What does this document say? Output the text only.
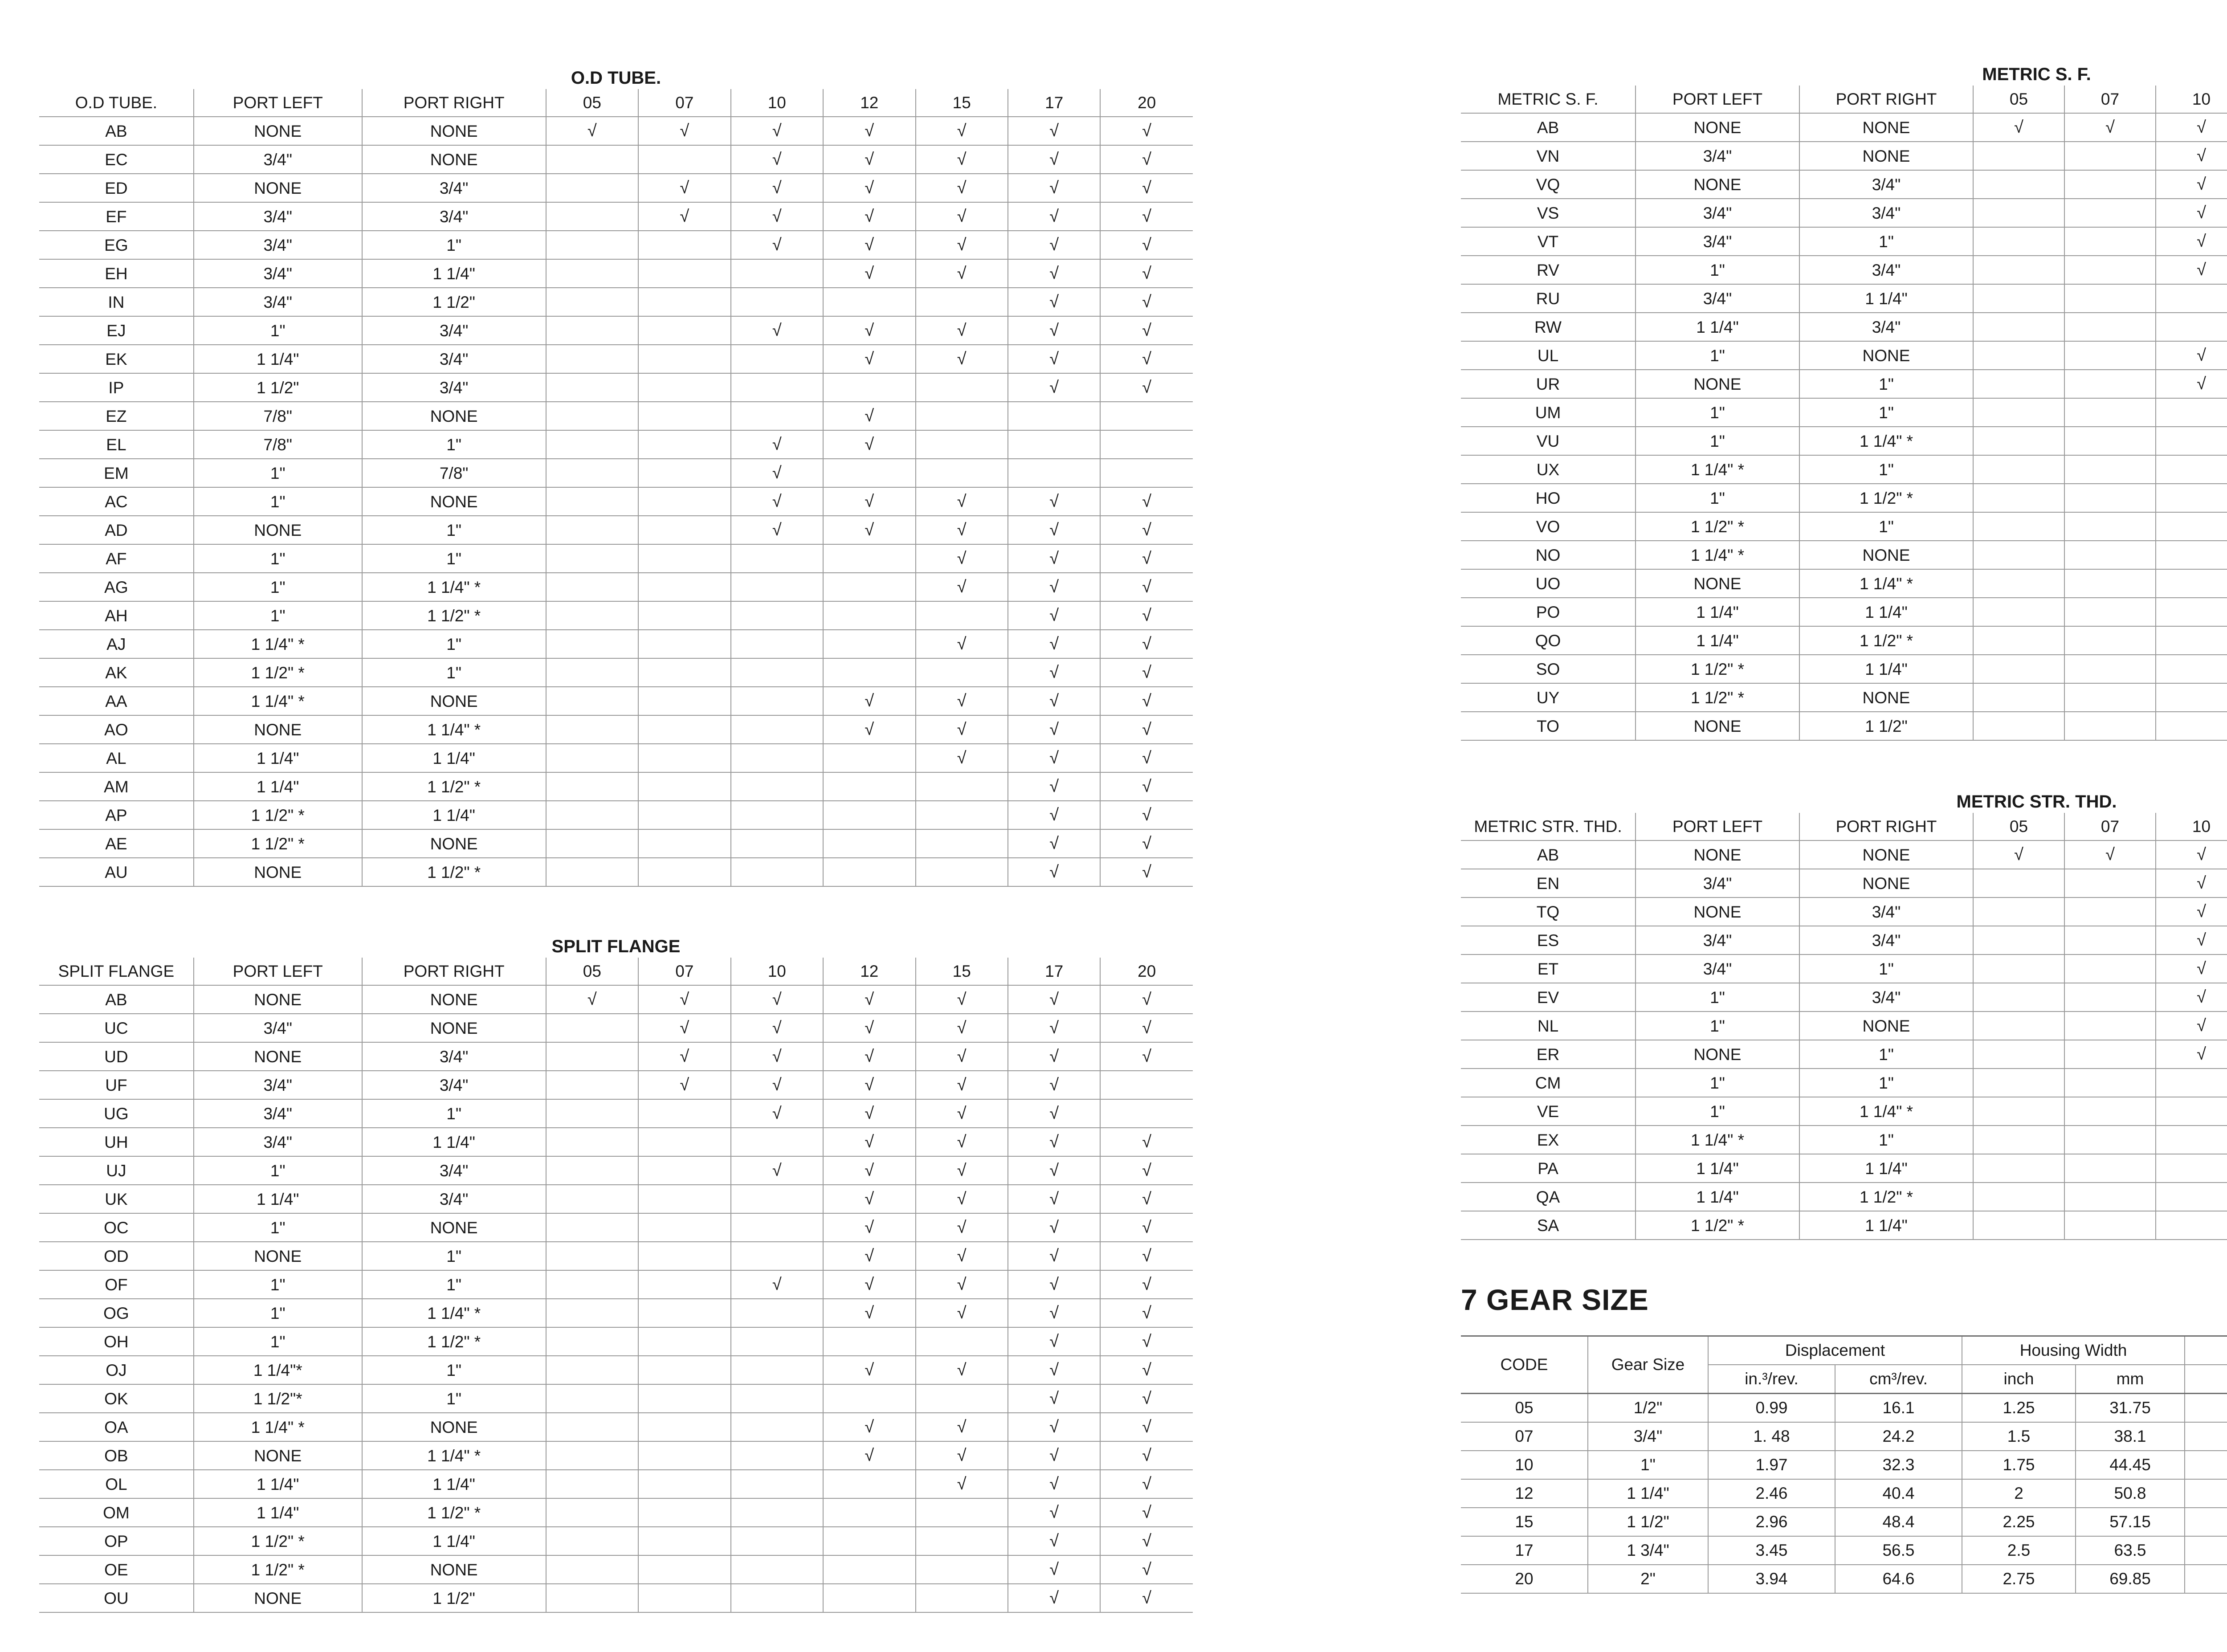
O.D TUBE.
O.D TUBE.	PORT LEFT	PORT RIGHT	05	07	10	12	15	17	20
AB	NONE	NONE	√	√	√	√	√	√	√
EC	3/4"	NONE			√	√	√	√	√
ED	NONE	3/4"		√	√	√	√	√	√
EF	3/4"	3/4"		√	√	√	√	√	√
EG	3/4"	1"			√	√	√	√	√
EH	3/4"	1 1/4"				√	√	√	√
IN	3/4"	1 1/2"						√	√
EJ	1"	3/4"			√	√	√	√	√
EK	1 1/4"	3/4"				√	√	√	√
IP	1 1/2"	3/4"						√	√
EZ	7/8"	NONE				√			
EL	7/8"	1"			√	√			
EM	1"	7/8"			√				
AC	1"	NONE			√	√	√	√	√
AD	NONE	1"			√	√	√	√	√
AF	1"	1"					√	√	√
AG	1"	1 1/4" *					√	√	√
AH	1"	1 1/2" *						√	√
AJ	1 1/4" *	1"					√	√	√
AK	1 1/2" *	1"						√	√
AA	1 1/4" *	NONE				√	√	√	√
AO	NONE	1 1/4" *				√	√	√	√
AL	1 1/4"	1 1/4"					√	√	√
AM	1 1/4"	1 1/2" *						√	√
AP	1 1/2" *	1 1/4"						√	√
AE	1 1/2" *	NONE						√	√
AU	NONE	1 1/2" *						√	√
SPLIT FLANGE
SPLIT FLANGE	PORT LEFT	PORT RIGHT	05	07	10	12	15	17	20
AB	NONE	NONE	√	√	√	√	√	√	√
UC	3/4"	NONE		√	√	√	√	√	√
UD	NONE	3/4"		√	√	√	√	√	√
UF	3/4"	3/4"		√	√	√	√	√	
UG	3/4"	1"			√	√	√	√	
UH	3/4"	1 1/4"				√	√	√	√
UJ	1"	3/4"			√	√	√	√	√
UK	1 1/4"	3/4"				√	√	√	√
OC	1"	NONE				√	√	√	√
OD	NONE	1"				√	√	√	√
OF	1"	1"			√	√	√	√	√
OG	1"	1 1/4" *				√	√	√	√
OH	1"	1 1/2" *						√	√
OJ	1 1/4"*	1"				√	√	√	√
OK	1 1/2"*	1"						√	√
OA	1 1/4" *	NONE				√	√	√	√
OB	NONE	1 1/4" *				√	√	√	√
OL	1 1/4"	1 1/4"					√	√	√
OM	1 1/4"	1 1/2" *						√	√
OP	1 1/2" *	1 1/4"						√	√
OE	1 1/2" *	NONE						√	√
OU	NONE	1 1/2"						√	√
METRIC S. F.
METRIC S. F.	PORT LEFT	PORT RIGHT	05	07	10				
AB	NONE	NONE	√	√	√				
VN	3/4"	NONE			√				
VQ	NONE	3/4"			√				
VS	3/4"	3/4"			√				
VT	3/4"	1"			√				
RV	1"	3/4"			√				
RU	3/4"	1 1/4"							
RW	1 1/4"	3/4"							
UL	1"	NONE			√				
UR	NONE	1"			√				
UM	1"	1"							
VU	1"	1 1/4" *							
UX	1 1/4" *	1"							
HO	1"	1 1/2" *							
VO	1 1/2" *	1"							
NO	1 1/4" *	NONE							
UO	NONE	1 1/4" *							
PO	1 1/4"	1 1/4"							
QO	1 1/4"	1 1/2" *							
SO	1 1/2" *	1 1/4"							
UY	1 1/2" *	NONE							
TO	NONE	1 1/2"							
METRIC STR. THD.
METRIC STR. THD.	PORT LEFT	PORT RIGHT	05	07	10				
AB	NONE	NONE	√	√	√				
EN	3/4"	NONE			√				
TQ	NONE	3/4"			√				
ES	3/4"	3/4"			√				
ET	3/4"	1"			√				
EV	1"	3/4"			√				
NL	1"	NONE			√				
ER	NONE	1"			√				
CM	1"	1"							
VE	1"	1 1/4" *							
EX	1 1/4" *	1"							
PA	1 1/4"	1 1/4"							
QA	1 1/4"	1 1/2" *							
SA	1 1/2" *	1 1/4"							
7 GEAR SIZE
CODE	Gear Size	Displacement		Housing Width	
		in.³/rev.	cm³/rev.	inch	mm		
05	1/2"	0.99	16.1	1.25	31.75		
07	3/4"	1. 48	24.2	1.5	38.1		
10	1"	1.97	32.3	1.75	44.45		
12	1 1/4"	2.46	40.4	2	50.8		
15	1 1/2"	2.96	48.4	2.25	57.15		
17	1 3/4"	3.45	56.5	2.5	63.5		
20	2"	3.94	64.6	2.75	69.85		
